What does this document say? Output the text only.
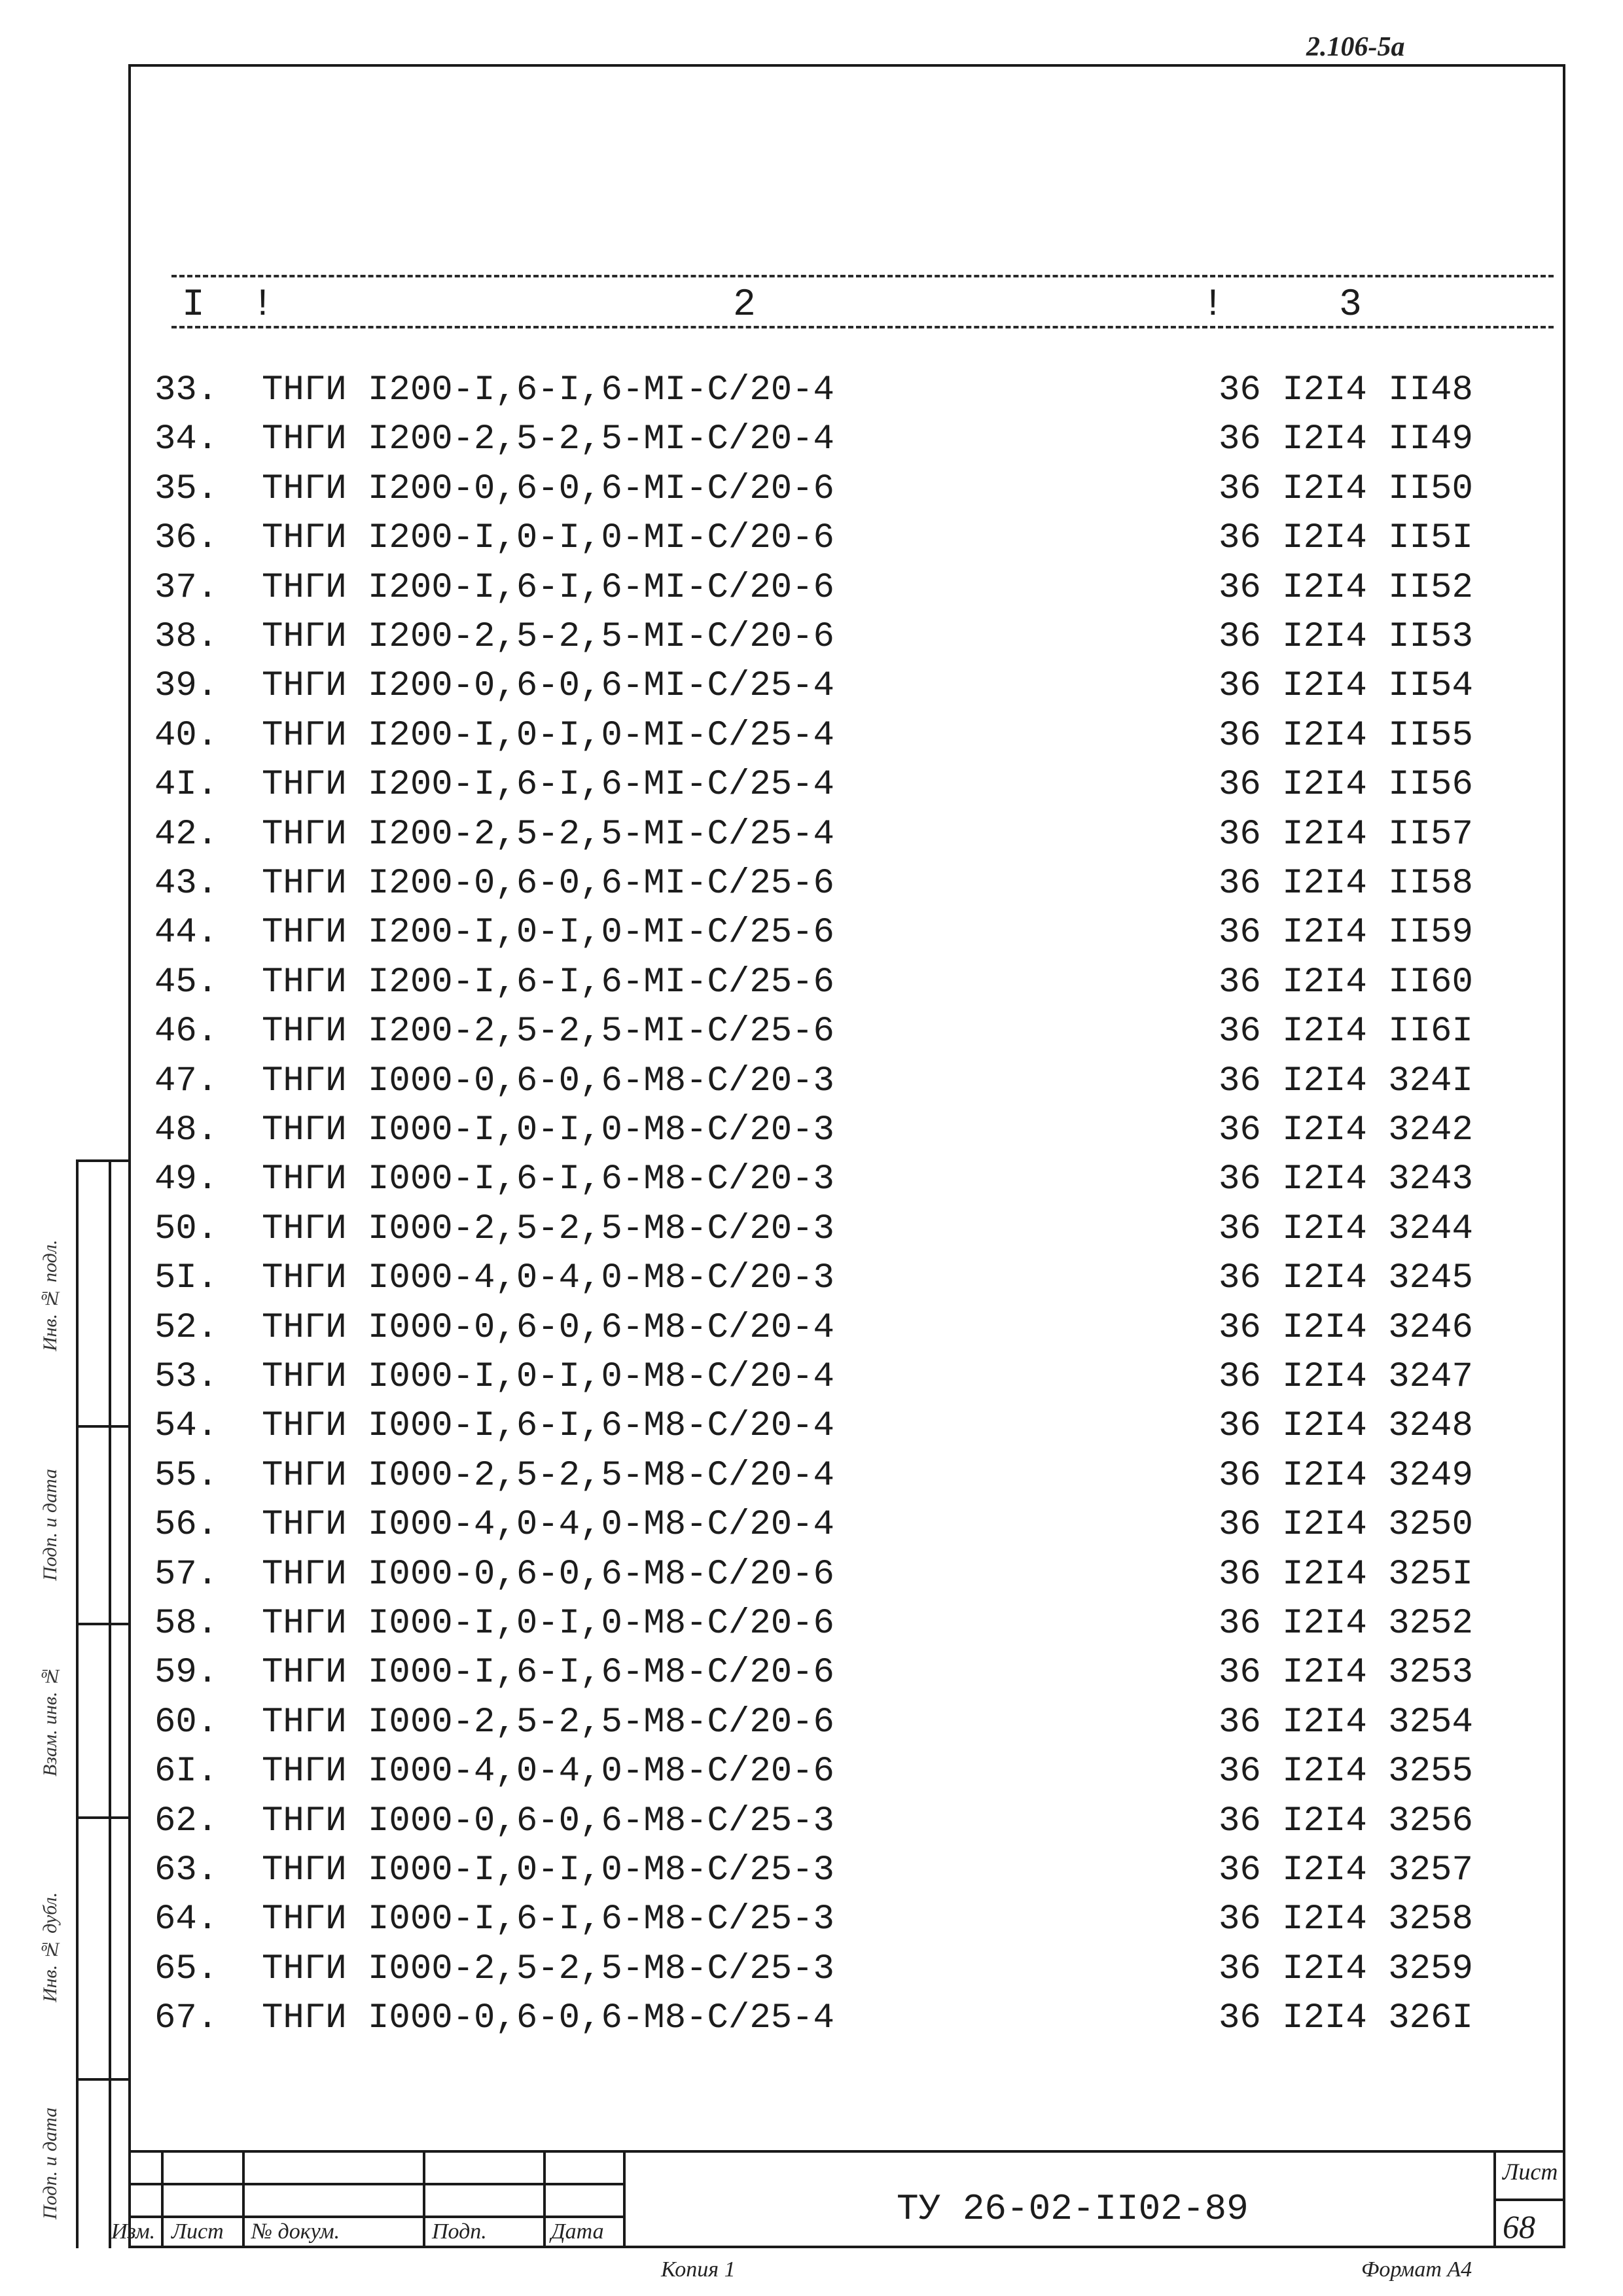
2.106-5a
I !	2	!	3
33. ТНГИ I200-I,6-I,6-МI-С/20-4	36 I2I4 II48
34. ТНГИ I200-2,5-2,5-МI-С/20-4	36 I2I4 II49
35. ТНГИ I200-0,6-0,6-МI-С/20-6	36 I2I4 II50
36. ТНГИ I200-I,0-I,0-МI-С/20-6	36 I2I4 II5I
37. ТНГИ I200-I,6-I,6-МI-С/20-6	36 I2I4 II52
38. ТНГИ I200-2,5-2,5-МI-С/20-6	36 I2I4 II53
39. ТНГИ I200-0,6-0,6-МI-С/25-4	36 I2I4 II54
40. ТНГИ I200-I,0-I,0-МI-С/25-4	36 I2I4 II55
4I. ТНГИ I200-I,6-I,6-МI-С/25-4	36 I2I4 II56
42. ТНГИ I200-2,5-2,5-МI-С/25-4	36 I2I4 II57
43. ТНГИ I200-0,6-0,6-МI-С/25-6	36 I2I4 II58
44. ТНГИ I200-I,0-I,0-МI-С/25-6	36 I2I4 II59
45. ТНГИ I200-I,6-I,6-МI-С/25-6	36 I2I4 II60
46. ТНГИ I200-2,5-2,5-МI-С/25-6	36 I2I4 II6I
47. ТНГИ I000-0,6-0,6-М8-С/20-3	36 I2I4 324I
48. ТНГИ I000-I,0-I,0-М8-С/20-3	36 I2I4 3242
49. ТНГИ I000-I,6-I,6-М8-С/20-3	36 I2I4 3243
50. ТНГИ I000-2,5-2,5-М8-С/20-3	36 I2I4 3244
5I. ТНГИ I000-4,0-4,0-М8-С/20-3	36 I2I4 3245
52. ТНГИ I000-0,6-0,6-М8-С/20-4	36 I2I4 3246
53. ТНГИ I000-I,0-I,0-М8-С/20-4	36 I2I4 3247
54. ТНГИ I000-I,6-I,6-М8-С/20-4	36 I2I4 3248
55. ТНГИ I000-2,5-2,5-М8-С/20-4	36 I2I4 3249
56. ТНГИ I000-4,0-4,0-М8-С/20-4	36 I2I4 3250
57. ТНГИ I000-0,6-0,6-М8-С/20-6	36 I2I4 325I
58. ТНГИ I000-I,0-I,0-М8-С/20-6	36 I2I4 3252
59. ТНГИ I000-I,6-I,6-М8-С/20-6	36 I2I4 3253
60. ТНГИ I000-2,5-2,5-М8-С/20-6	36 I2I4 3254
6I. ТНГИ I000-4,0-4,0-М8-С/20-6	36 I2I4 3255
62. ТНГИ I000-0,6-0,6-М8-С/25-3	36 I2I4 3256
63. ТНГИ I000-I,0-I,0-М8-С/25-3	36 I2I4 3257
64. ТНГИ I000-I,6-I,6-М8-С/25-3	36 I2I4 3258
65. ТНГИ I000-2,5-2,5-М8-С/25-3	36 I2I4 3259
67. ТНГИ I000-0,6-0,6-М8-С/25-4	36 I2I4 326I
Инв. № подл.
Подп. и дата
Взам. инв. №
Инв. № дубл.
Подп. и дата
Изм. Лист № докум.	Подп.	Дата
ТУ 26-02-II02-89
Лист
68
Копия 1	Формат А4
